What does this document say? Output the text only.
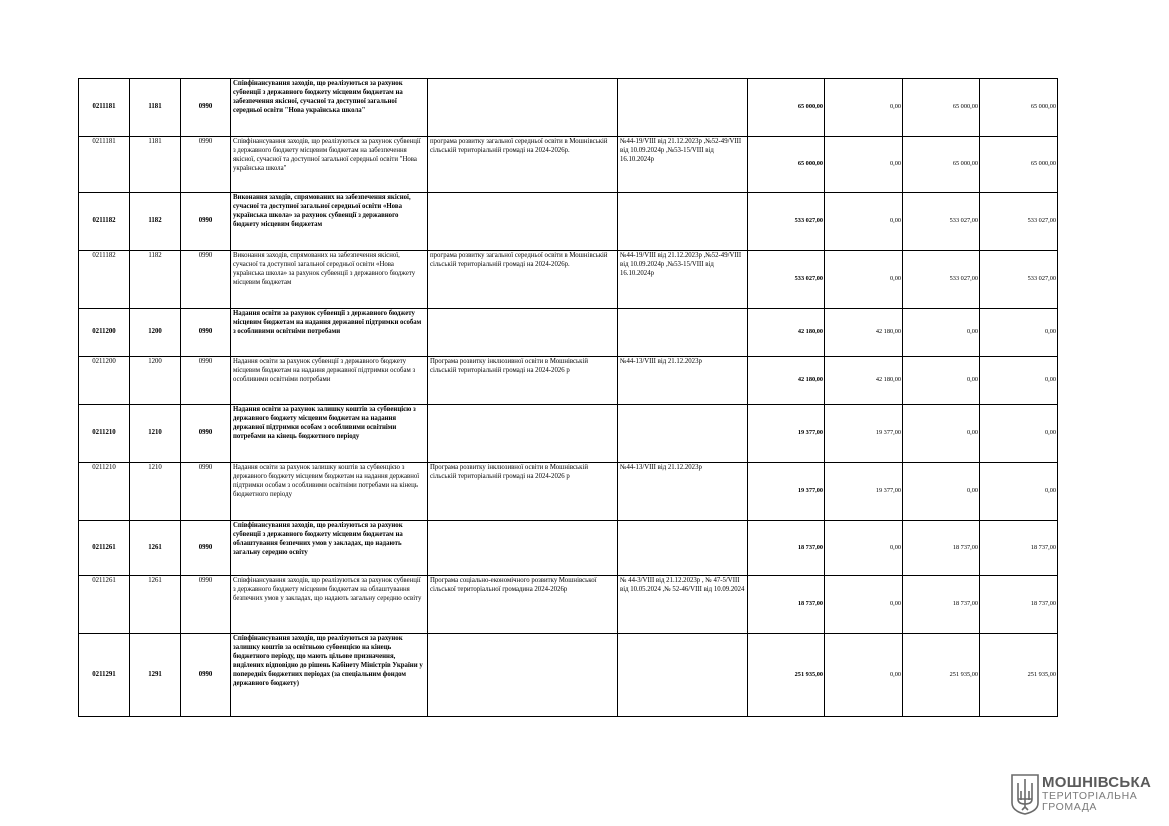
0211181	1181	0990	Співфінансування заходів, що реалізуються за рахунок субвенції з державного бюджету місцевим бюджетам на забезпечення якісної, сучасної та доступної загальної середньої освіти "Нова українська школа"			65 000,00	0,00	65 000,00	65 000,00
0211181	1181	0990	Співфінансування заходів, що реалізуються за рахунок субвенції з державного бюджету місцевим бюджетам на забезпечення якісної, сучасної та доступної загальної середньої освіти "Нова українська школа"	програма розвитку загальної середньої освіти в Мошнівській сільській територіальній громаді на 2024-2026р.	№44-19/VIII від 21.12.2023р ,№52-49/VIII від 10.09.2024р ,№53-15/VIII від 16.10.2024р	65 000,00	0,00	65 000,00	65 000,00
0211182	1182	0990	Виконання заходів, спрямованих на забезпечення якісної, сучасної та доступної загальної середньої освіти «Нова українська школа» за рахунок субвенції з державного бюджету місцевим бюджетам			533 027,00	0,00	533 027,00	533 027,00
0211182	1182	0990	Виконання заходів, спрямованих на забезпечення якісної, сучасної та доступної загальної середньої освіти «Нова українська школа» за рахунок субвенції з державного бюджету місцевим бюджетам	програма розвитку загальної середньої освіти в Мошнівській сільській територіальній громаді на 2024-2026р.	№44-19/VIII від 21.12.2023р ,№52-49/VIII від 10.09.2024р ,№53-15/VIII від 16.10.2024р	533 027,00	0,00	533 027,00	533 027,00
0211200	1200	0990	Надання освіти за рахунок субвенції з державного бюджету місцевим бюджетам на надання державної підтримки особам з особливими освітніми потребами			42 180,00	42 180,00	0,00	0,00
0211200	1200	0990	Надання освіти за рахунок субвенції з державного бюджету місцевим бюджетам на надання державної підтримки особам з особливими освітніми потребами	Програма розвитку інклюзивної освіти в Мошнівській сільській територіальній громаді на 2024-2026 р	№44-13/VIII від 21.12.2023р	42 180,00	42 180,00	0,00	0,00
0211210	1210	0990	Надання освіти за рахунок залишку коштів за субвенцією з державного бюджету місцевим бюджетам на надання державної підтримки особам з особливими освітніми потребами на кінець бюджетного періоду			19 377,00	19 377,00	0,00	0,00
0211210	1210	0990	Надання освіти за рахунок залишку коштів за субвенцією з державного бюджету місцевим бюджетам на надання державної підтримки особам з особливими освітніми потребами на кінець бюджетного періоду	Програма розвитку інклюзивної освіти в Мошнівській сільській територіальній громаді на 2024-2026 р	№44-13/VIII від 21.12.2023р	19 377,00	19 377,00	0,00	0,00
0211261	1261	0990	Співфінансування заходів, що реалізуються за рахунок субвенції з державного бюджету місцевим бюджетам на облаштування безпечних умов у закладах, що надають загальну середню освіту			18 737,00	0,00	18 737,00	18 737,00
0211261	1261	0990	Співфінансування заходів, що реалізуються за рахунок субвенції з державного бюджету місцевим бюджетам на облаштування безпечних умов у закладах, що надають загальну середню освіту	Програма соціально-економічного розвитку Мошнівської сільської територіальної громадина 2024-2026р	№ 44-3/VIII від 21.12.2023р , № 47-5/VIII від 10.05.2024 ,№ 52-46/VIII від 10.09.2024	18 737,00	0,00	18 737,00	18 737,00
0211291	1291	0990	Співфінансування заходів, що реалізуються за рахунок залишку коштів за освітньою субвенцією на кінець бюджетного періоду, що мають цільове призначення, виділених відповідно до рішень Кабінету Міністрів України у попередніх бюджетних періодах (за спеціальним фондом державного бюджету)			251 935,00	0,00	251 935,00	251 935,00
МОШНІВСЬКА
ТЕРИТОРІАЛЬНА
ГРОМАДА
